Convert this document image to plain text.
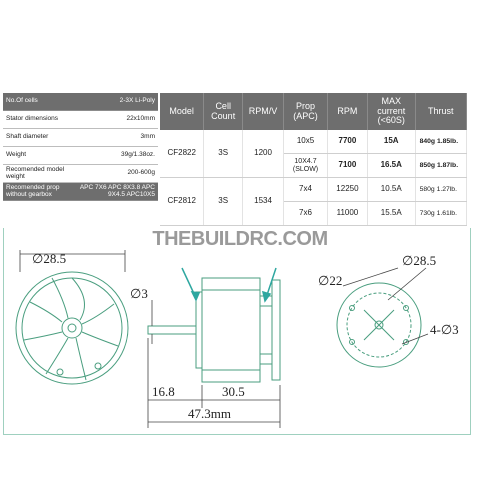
No.Of cells	2-3X Li-Poly
Stator dimensions	22x10mm
Shaft diameter	3mm
Weight	39g/1.38oz.
Recomended model weight	200-600g
Recomended prop without gearbox	APC 7X6 APC 8X3.8 APC 9X4.5 APC10X5
Model	Cell Count	RPM/V	Prop (APC)	RPM	MAX current (<60S)	Thrust
CF2822	3S	1200	10x5	7700	15A	840g 1.85lb.
			10X4.7 (SLOW)	7100	16.5A	850g 1.87lb.
CF2812	3S	1534	7x4	12250	10.5A	580g 1.27lb.
			7x6	11000	15.5A	730g 1.61lb.
∅28.5
∅3
16.8	30.5
47.3mm
∅22
∅28.5
4-∅3
THEBUILDRC.COM
